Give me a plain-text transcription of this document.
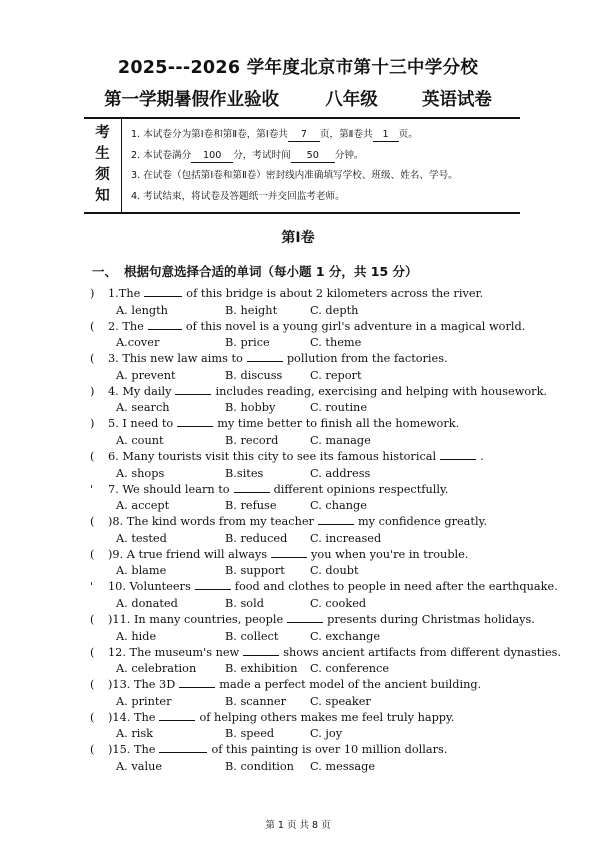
2025---2026 学年度北京市第十三中学分校
第一学期暑假作业验收	八年级	英语试卷
考
生
须
知
1. 本试卷分为第Ⅰ卷和第Ⅱ卷，第Ⅰ卷共 7 页，第Ⅱ卷共 1 页。
2. 本试卷满分 100 分，考试时间 50 分钟。
3. 在试卷（包括第Ⅰ卷和第Ⅱ卷）密封线内准确填写学校、班级、姓名、学号。
4. 考试结束，将试卷及答题纸一并交回监考老师。
第Ⅰ卷
一、 根据句意选择合适的单词（每小题 1 分，共 15 分）
) 1.The	of this bridge is about 2 kilometers across the river.
A. length	B. height	C. depth
( 2. The	of this novel is a young girl's adventure in a magical world.
A.cover	B. price	C. theme
( 3. This new law aims to	pollution from the factories.
A. prevent	B. discuss C. report
) 4. My daily	includes reading, exercising and helping with housework.
A. search	B. hobby	C. routine
) 5. I need to	my time better to finish all the homework.
A. count	B. record	C. manage
( 6. Many tourists visit this city to see its famous historical	.
A. shops	B.sites	C. address
' 7. We should learn to	different opinions respectfully.
A. accept	B. refuse	C. change
( )8. The kind words from my teacher	my confidence greatly.
A. tested	B. reduced C. increased
( )9. A true friend will always	you when you're in trouble.
A. blame	B. support C. doubt
' 10. Volunteers	food and clothes to people in need after the earthquake.
A. donated	B. sold	C. cooked
( )11. In many countries, people	presents during Christmas holidays.
A. hide	B. collect	C. exchange
( 12. The museum's new	shows ancient artifacts from different dynasties.
A. celebration	B. exhibition C. conference
( )13. The 3D	made a perfect model of the ancient building.
A. printer	B. scanner C. speaker
( )14. The	of helping others makes me feel truly happy.
A. risk	B. speed	C. joy
( )15. The	of this painting is over 10 million dollars.
A. value	B. condition C. message
第 1 页 共 8 页
